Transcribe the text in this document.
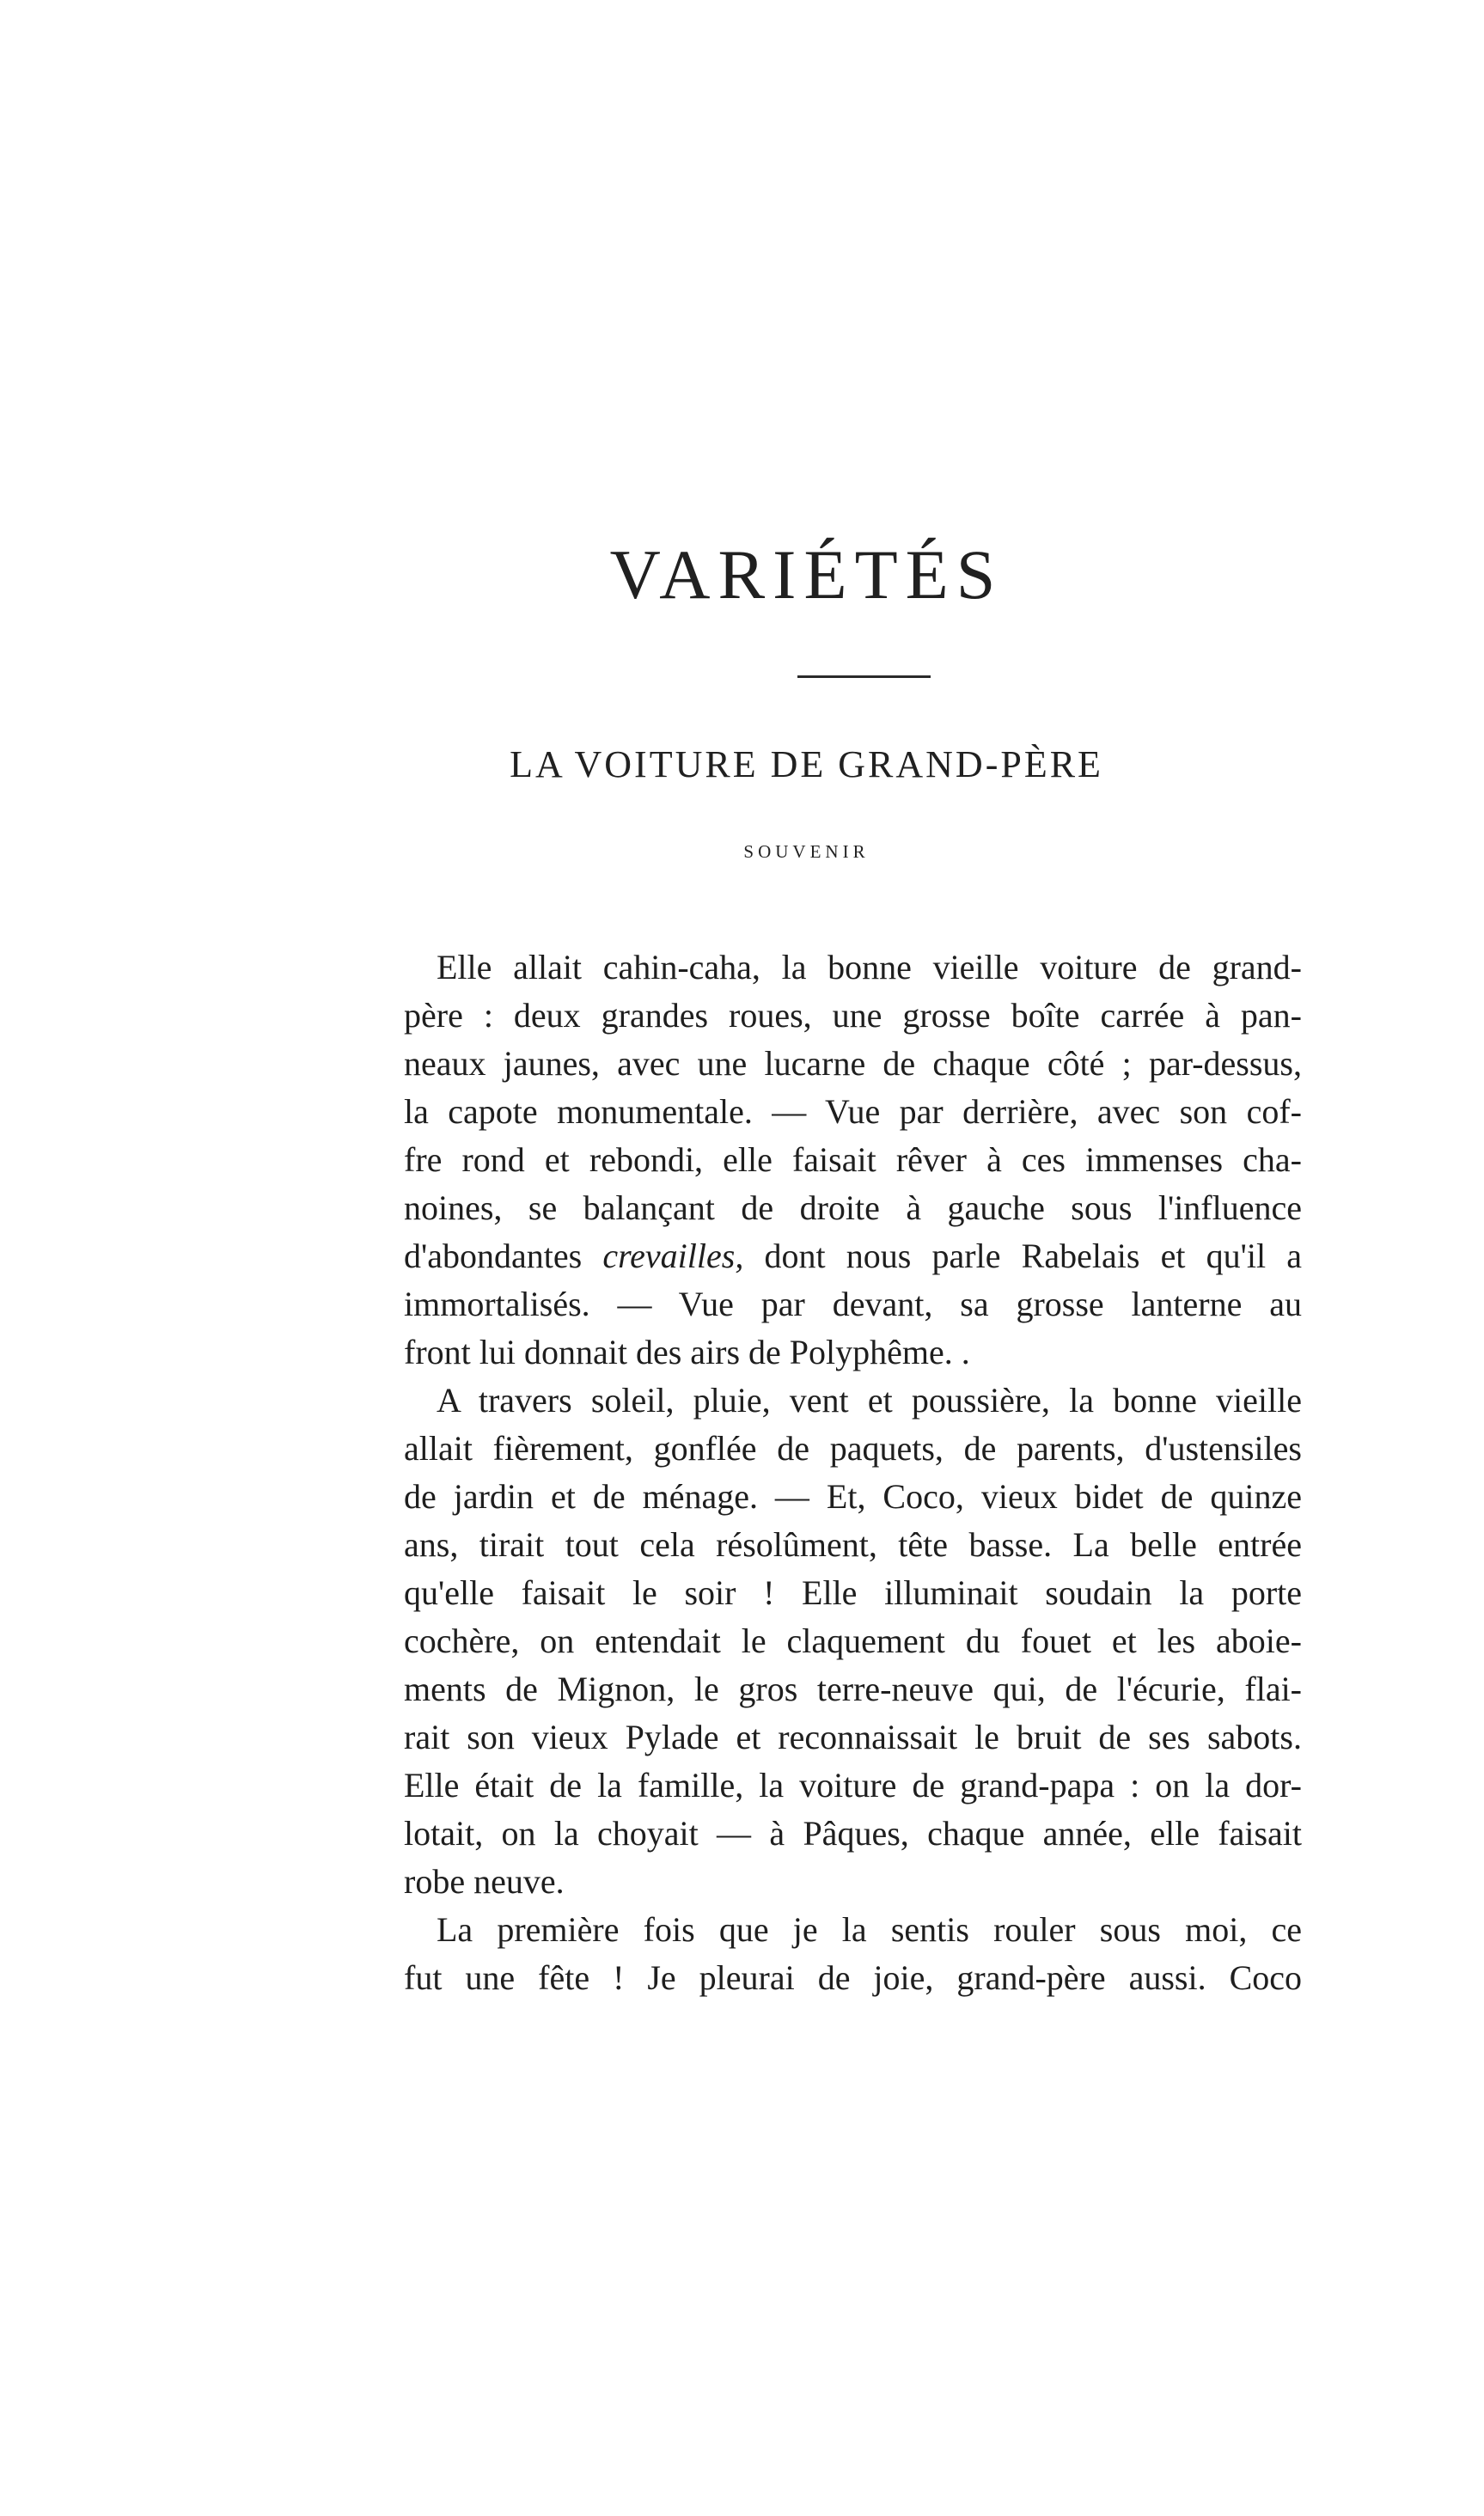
VARIÉTÉS
LA VOITURE DE GRAND-PÈRE
SOUVENIR
Elle allait cahin-caha, la bonne vieille voiture de grand-
père : deux grandes roues, une grosse boîte carrée à pan-
neaux jaunes, avec une lucarne de chaque côté ; par-dessus,
la capote monumentale. — Vue par derrière, avec son cof-
fre rond et rebondi, elle faisait rêver à ces immenses cha-
noines, se balançant de droite à gauche sous l'influence
d'abondantes crevailles, dont nous parle Rabelais et qu'il a
immortalisés. — Vue par devant, sa grosse lanterne au
front lui donnait des airs de Polyphême. .
A travers soleil, pluie, vent et poussière, la bonne vieille
allait fièrement, gonflée de paquets, de parents, d'ustensiles
de jardin et de ménage. — Et, Coco, vieux bidet de quinze
ans, tirait tout cela résolûment, tête basse. La belle entrée
qu'elle faisait le soir ! Elle illuminait soudain la porte
cochère, on entendait le claquement du fouet et les aboie-
ments de Mignon, le gros terre-neuve qui, de l'écurie, flai-
rait son vieux Pylade et reconnaissait le bruit de ses sabots.
Elle était de la famille, la voiture de grand-papa : on la dor-
lotait, on la choyait — à Pâques, chaque année, elle faisait
robe neuve.
La première fois que je la sentis rouler sous moi, ce
fut une fête ! Je pleurai de joie, grand-père aussi. Coco
